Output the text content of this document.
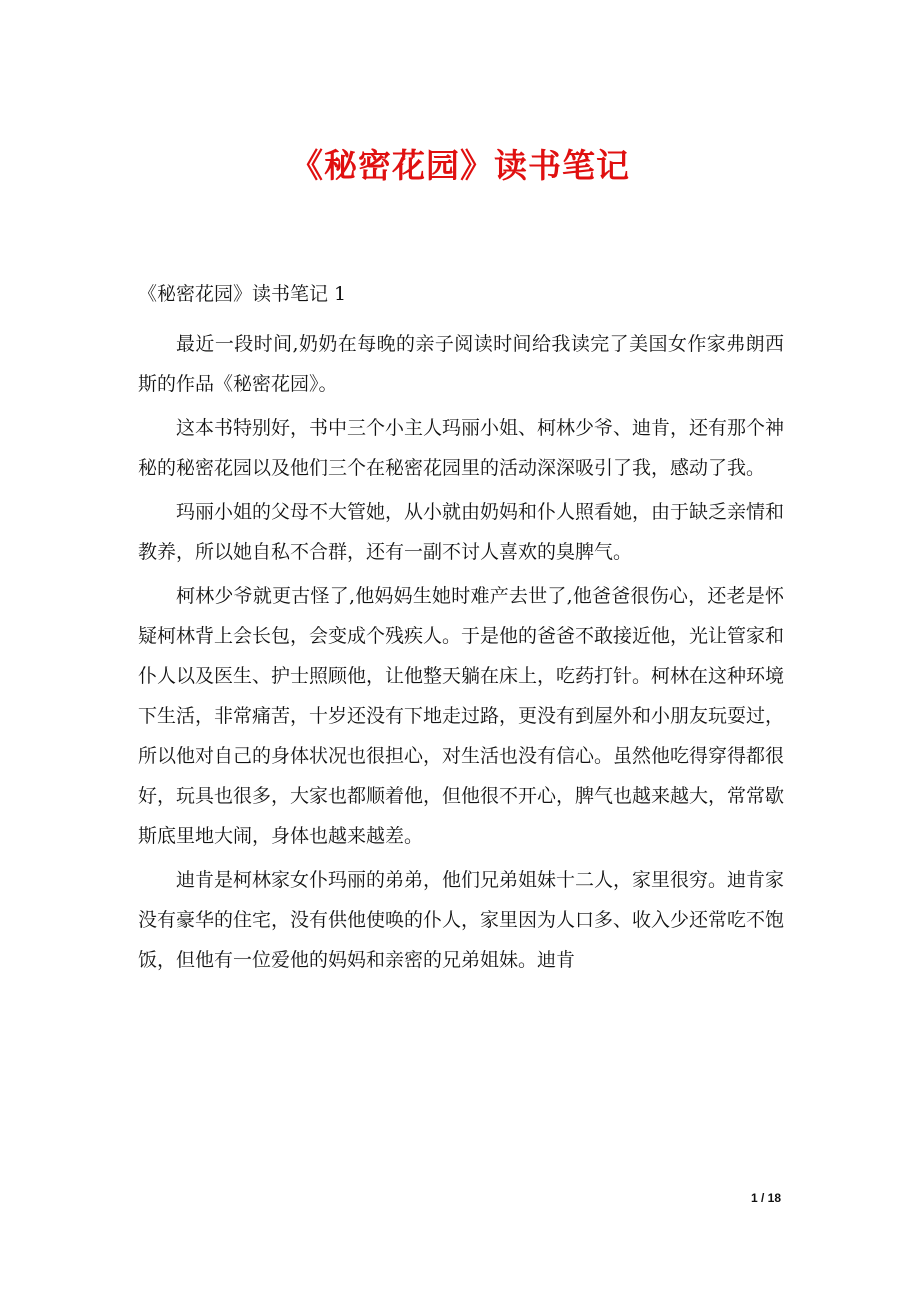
《秘密花园》读书笔记

《秘密花园》读书笔记 1

最近一段时间,奶奶在每晚的亲子阅读时间给我读完了美国女作家弗朗西斯的作品《秘密花园》。

这本书特别好，书中三个小主人玛丽小姐、柯林少爷、迪肯，还有那个神秘的秘密花园以及他们三个在秘密花园里的活动深深吸引了我，感动了我。

玛丽小姐的父母不大管她，从小就由奶妈和仆人照看她，由于缺乏亲情和教养，所以她自私不合群，还有一副不讨人喜欢的臭脾气。

柯林少爷就更古怪了,他妈妈生她时难产去世了,他爸爸很伤心，还老是怀疑柯林背上会长包，会变成个残疾人。于是他的爸爸不敢接近他，光让管家和仆人以及医生、护士照顾他，让他整天躺在床上，吃药打针。柯林在这种环境下生活，非常痛苦，十岁还没有下地走过路，更没有到屋外和小朋友玩耍过，所以他对自己的身体状况也很担心，对生活也没有信心。虽然他吃得穿得都很好，玩具也很多，大家也都顺着他，但他很不开心，脾气也越来越大，常常歇斯底里地大闹，身体也越来越差。

迪肯是柯林家女仆玛丽的弟弟，他们兄弟姐妹十二人，家里很穷。迪肯家没有豪华的住宅，没有供他使唤的仆人，家里因为人口多、收入少还常吃不饱饭，但他有一位爱他的妈妈和亲密的兄弟姐妹。迪肯

1 / 18
